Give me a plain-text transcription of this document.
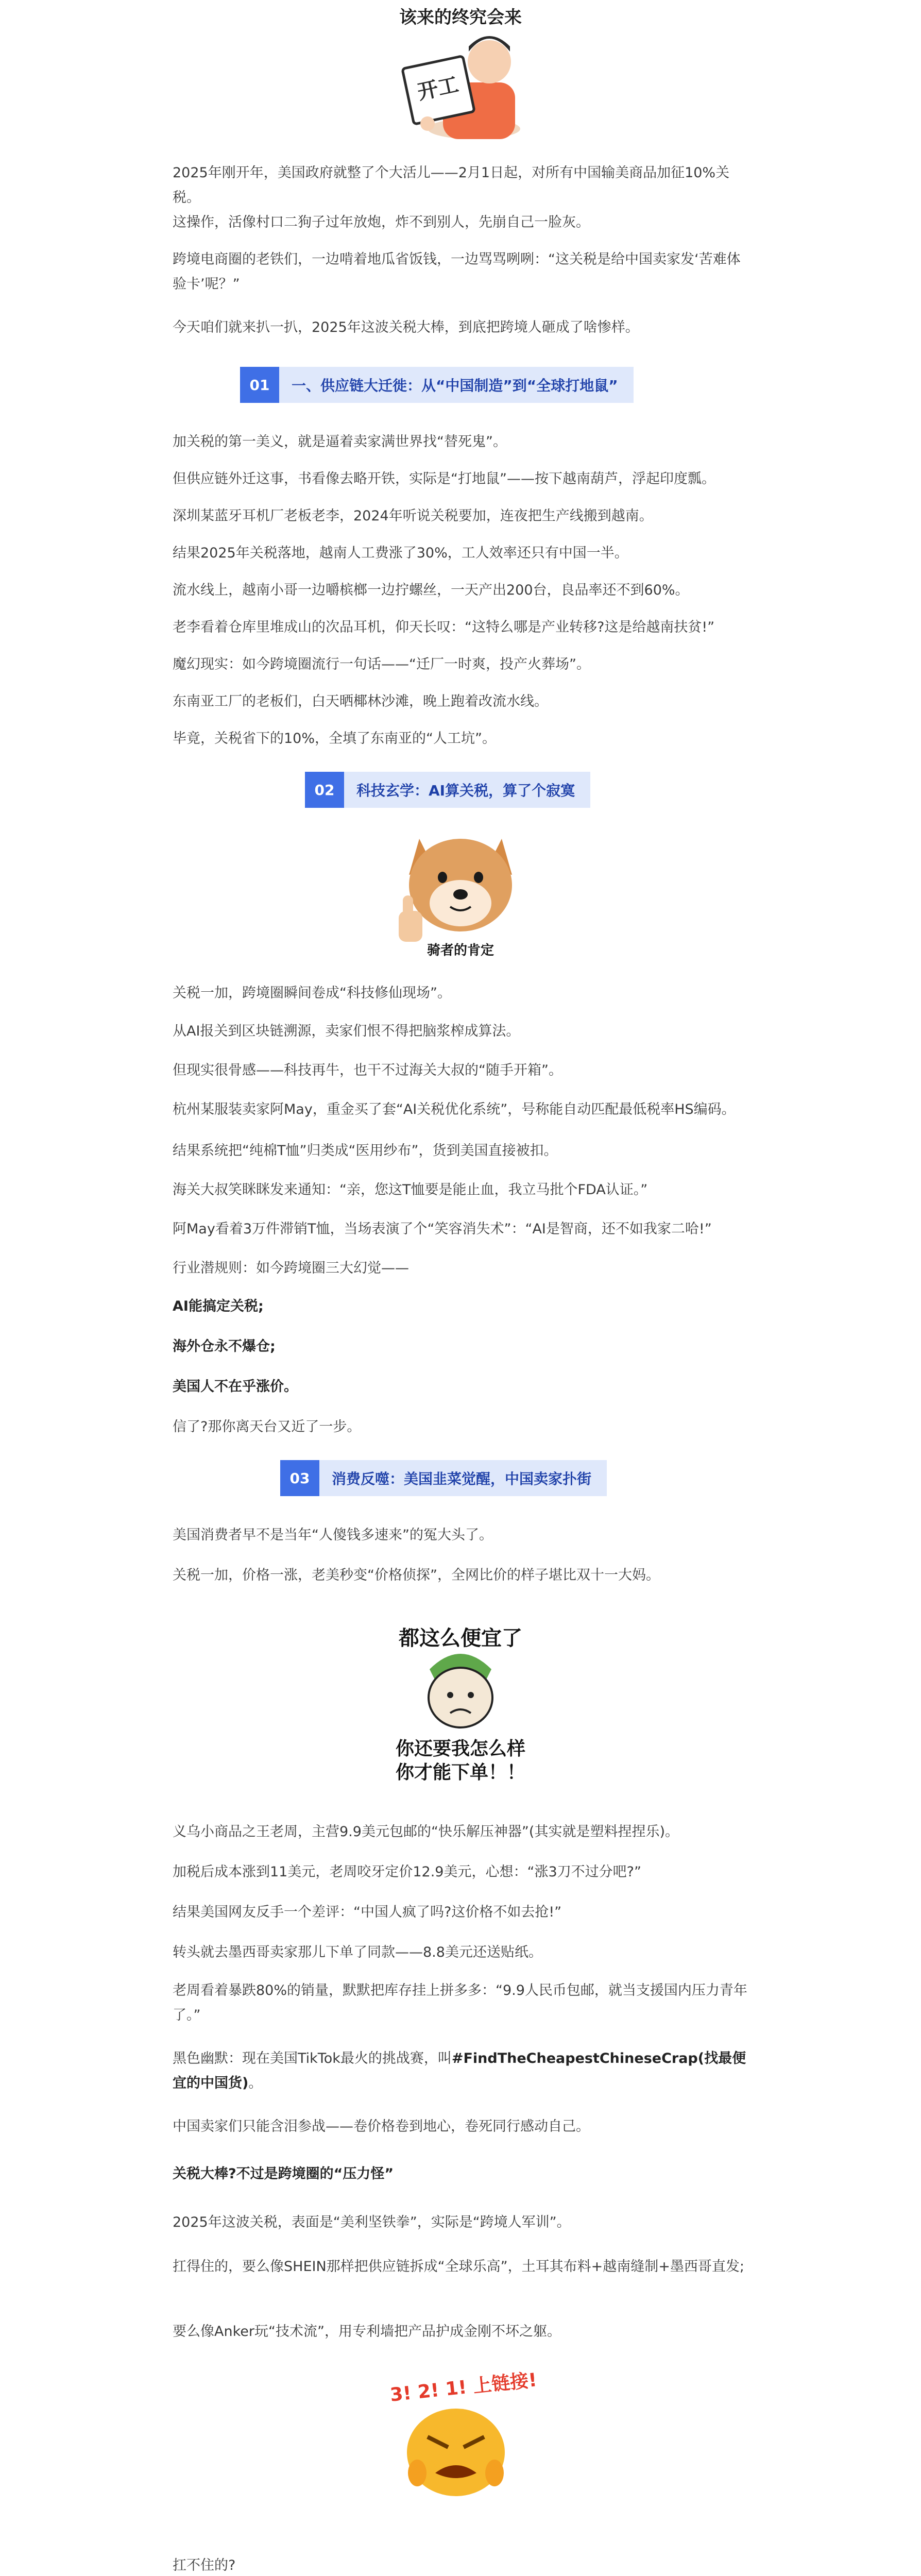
该来的终究会来
开工

2025年刚开年，美国政府就整了个大活儿——2月1日起，对所有中国输美商品加征10%关税。

这操作，活像村口二狗子过年放炮，炸不到别人，先崩自己一脸灰。

跨境电商圈的老铁们，一边啃着地瓜省饭钱，一边骂骂咧咧：“这关税是给中国卖家发‘苦难体验卡’呢？”

今天咱们就来扒一扒，2025年这波关税大棒，到底把跨境人砸成了啥惨样。

01	一、供应链大迁徙：从“中国制造”到“全球打地鼠”

加关税的第一美义，就是逼着卖家满世界找“替死鬼”。

但供应链外迁这事，书看像去略开铁，实际是“打地鼠”——按下越南葫芦，浮起印度瓢。

深圳某蓝牙耳机厂老板老李，2024年听说关税要加，连夜把生产线搬到越南。

结果2025年关税落地，越南人工费涨了30%，工人效率还只有中国一半。

流水线上，越南小哥一边嚼槟榔一边拧螺丝，一天产出200台，良品率还不到60%。

老李看着仓库里堆成山的次品耳机，仰天长叹：“这特么哪是产业转移?这是给越南扶贫!”

魔幻现实：如今跨境圈流行一句话——“迁厂一时爽，投产火葬场”。

东南亚工厂的老板们，白天晒椰林沙滩，晚上跑着改流水线。

毕竟，关税省下的10%，全填了东南亚的“人工坑”。

02	科技玄学：AI算关税，算了个寂寞
骑者的肯定

关税一加，跨境圈瞬间卷成“科技修仙现场”。

从AI报关到区块链溯源，卖家们恨不得把脑浆榨成算法。

但现实很骨感——科技再牛，也干不过海关大叔的“随手开箱”。

杭州某服装卖家阿May，重金买了套“AI关税优化系统”，号称能自动匹配最低税率HS编码。

结果系统把“纯棉T恤”归类成“医用纱布”，货到美国直接被扣。

海关大叔笑眯眯发来通知：“亲，您这T恤要是能止血，我立马批个FDA认证。”

阿May看着3万件滞销T恤，当场表演了个“笑容消失术”：“AI是智商，还不如我家二哈!”

行业潜规则：如今跨境圈三大幻觉——

AI能搞定关税;

海外仓永不爆仓;

美国人不在乎涨价。

信了?那你离天台又近了一步。

03	消费反噬：美国韭菜觉醒，中国卖家扑街

美国消费者早不是当年“人傻钱多速来”的冤大头了。

关税一加，价格一涨，老美秒变“价格侦探”，全网比价的样子堪比双十一大妈。

都这么便宜了
你还要我怎么样
你才能下单！！

义乌小商品之王老周，主营9.9美元包邮的“快乐解压神器”(其实就是塑料捏捏乐)。

加税后成本涨到11美元，老周咬牙定价12.9美元，心想：“涨3刀不过分吧?”

结果美国网友反手一个差评：“中国人疯了吗?这价格不如去抢!”

转头就去墨西哥卖家那儿下单了同款——8.8美元还送贴纸。

老周看着暴跌80%的销量，默默把库存挂上拼多多：“9.9人民币包邮，就当支援国内压力青年了。”

黑色幽默：现在美国TikTok最火的挑战赛，叫#FindTheCheapestChineseCrap(找最便宜的中国货)。

中国卖家们只能含泪参战——卷价格卷到地心，卷死同行感动自己。

关税大棒?不过是跨境圈的“压力怪”

2025年这波关税，表面是“美利坚铁拳”，实际是“跨境人军训”。

扛得住的，要么像SHEIN那样把供应链拆成“全球乐高”，土耳其布料+越南缝制+墨西哥直发;

要么像Anker玩“技术流”，用专利墙把产品护成金刚不坏之躯。

3! 2! 1! 上链接!

扛不住的?
